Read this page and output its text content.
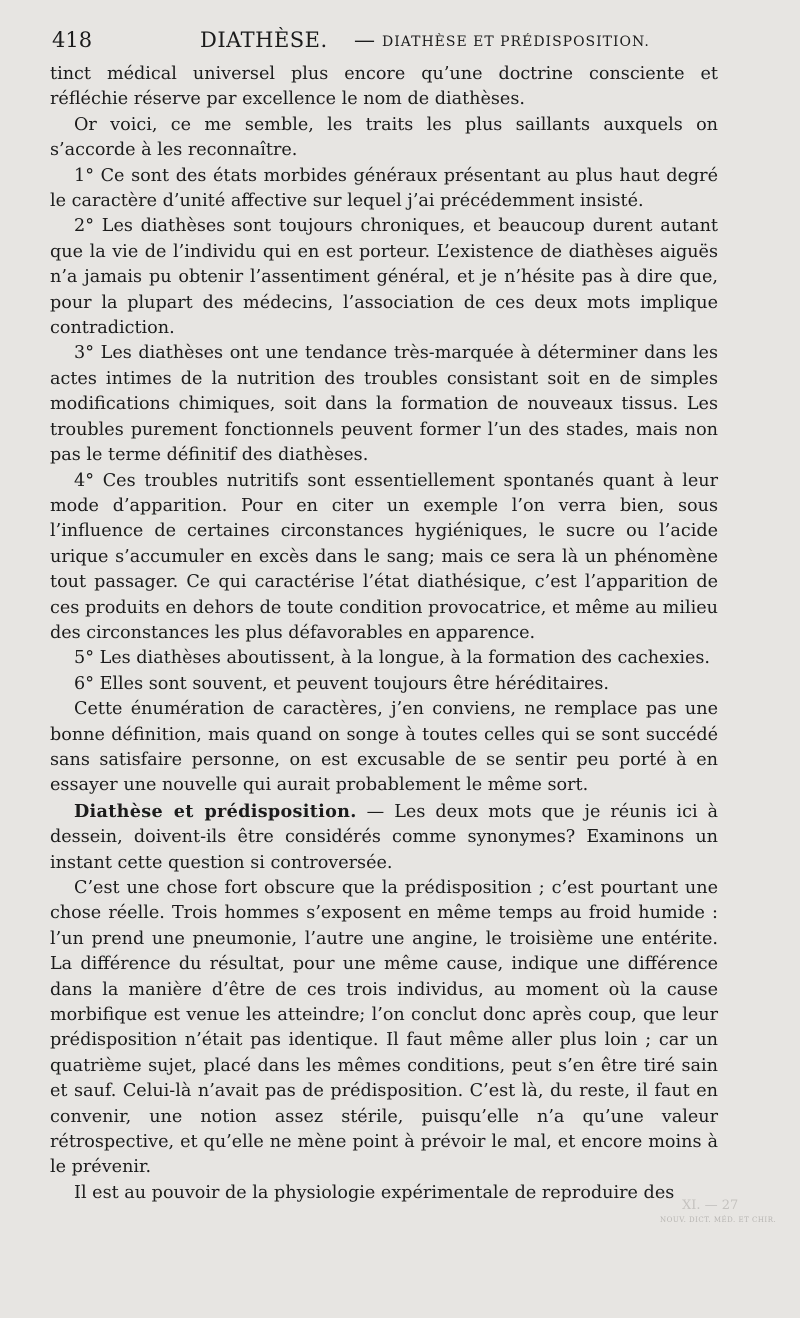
418	DIATHÈSE. — DIATHÈSE ET PRÉDISPOSITION.

tinct médical universel plus encore qu’une doctrine consciente et réfléchie réserve par excellence le nom de diathèses.

Or voici, ce me semble, les traits les plus saillants auxquels on s’accorde à les reconnaître.

1° Ce sont des états morbides généraux présentant au plus haut degré le caractère d’unité affective sur lequel j’ai précédemment insisté.

2° Les diathèses sont toujours chroniques, et beaucoup durent autant que la vie de l’individu qui en est porteur. L’existence de diathèses aiguës n’a jamais pu obtenir l’assentiment général, et je n’hésite pas à dire que, pour la plupart des médecins, l’association de ces deux mots implique contradiction.

3° Les diathèses ont une tendance très-marquée à déterminer dans les actes intimes de la nutrition des troubles consistant soit en de simples modifications chimiques, soit dans la formation de nouveaux tissus. Les troubles purement fonctionnels peuvent former l’un des stades, mais non pas le terme définitif des diathèses.

4° Ces troubles nutritifs sont essentiellement spontanés quant à leur mode d’apparition. Pour en citer un exemple l’on verra bien, sous l’influence de certaines circonstances hygiéniques, le sucre ou l’acide urique s’accumuler en excès dans le sang; mais ce sera là un phénomène tout passager. Ce qui caractérise l’état diathésique, c’est l’apparition de ces produits en dehors de toute condition provocatrice, et même au milieu des circonstances les plus défavorables en apparence.

5° Les diathèses aboutissent, à la longue, à la formation des cachexies.

6° Elles sont souvent, et peuvent toujours être héréditaires.

Cette énumération de caractères, j’en conviens, ne remplace pas une bonne définition, mais quand on songe à toutes celles qui se sont succédé sans satisfaire personne, on est excusable de se sentir peu porté à en essayer une nouvelle qui aurait probablement le même sort.

Diathèse et prédisposition. — Les deux mots que je réunis ici à dessein, doivent-ils être considérés comme synonymes? Examinons un instant cette question si controversée.

C’est une chose fort obscure que la prédisposition ; c’est pourtant une chose réelle. Trois hommes s’exposent en même temps au froid humide : l’un prend une pneumonie, l’autre une angine, le troisième une entérite. La différence du résultat, pour une même cause, indique une différence dans la manière d’être de ces trois individus, au moment où la cause morbifique est venue les atteindre; l’on conclut donc après coup, que leur prédisposition n’était pas identique. Il faut même aller plus loin ; car un quatrième sujet, placé dans les mêmes conditions, peut s’en être tiré sain et sauf. Celui-là n’avait pas de prédisposition. C’est là, du reste, il faut en convenir, une notion assez stérile, puisqu’elle n’a qu’une valeur rétrospective, et qu’elle ne mène point à prévoir le mal, et encore moins à le prévenir.

Il est au pouvoir de la physiologie expérimentale de reproduire des

XI. — 27
NOUV. DICT. MÉD. ET CHIR.
